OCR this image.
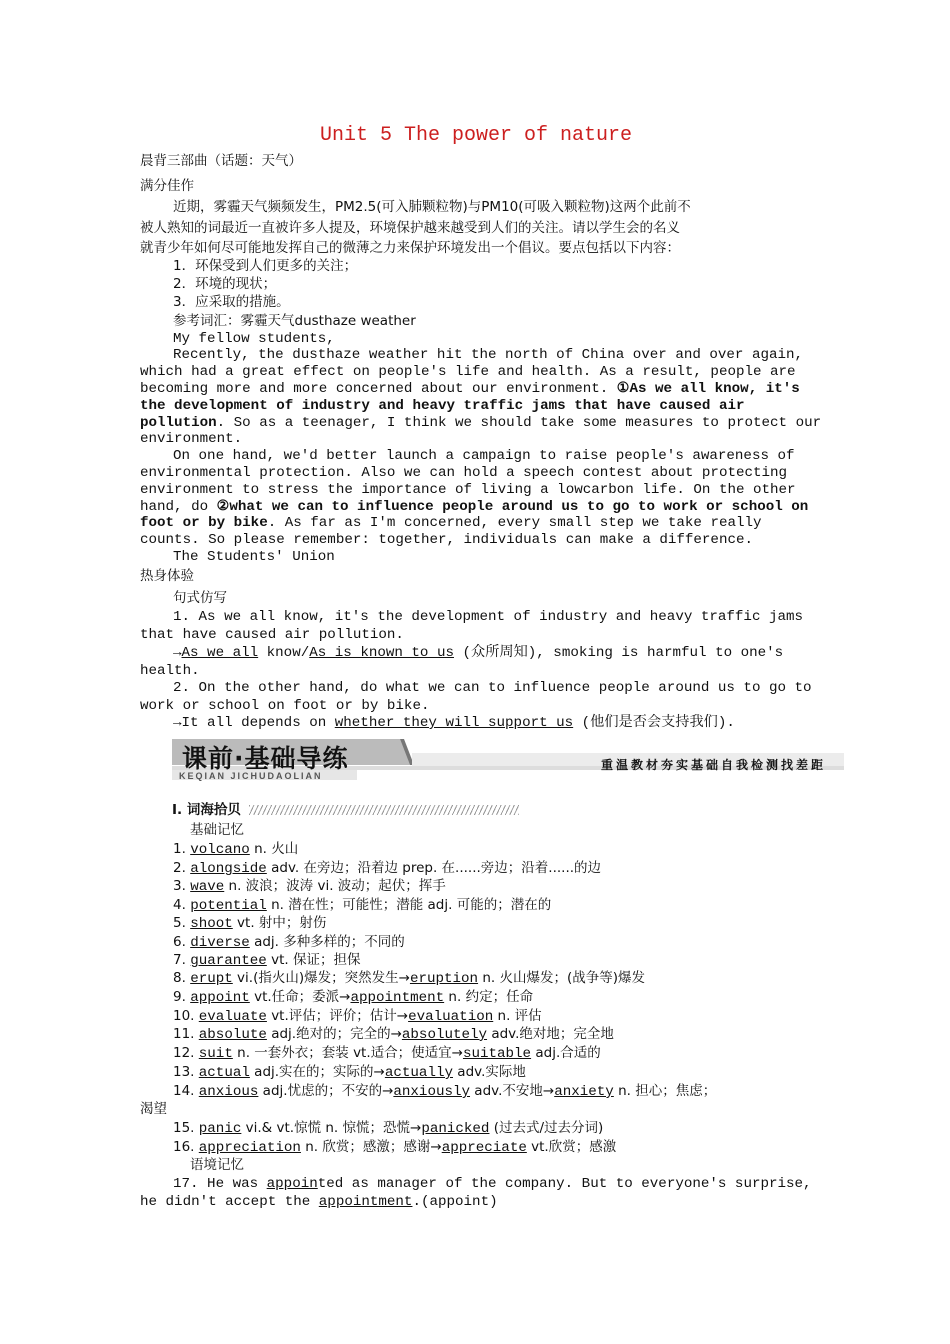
Unit 5 The power of nature
晨背三部曲（话题：天气）
满分佳作
近期，雾霾天气频频发生，PM2.5(可入肺颗粒物)与PM10(可吸入颗粒物)这两个此前不
被人熟知的词最近一直被许多人提及，环境保护越来越受到人们的关注。请以学生会的名义
就青少年如何尽可能地发挥自己的微薄之力来保护环境发出一个倡议。要点包括以下内容：
1．环保受到人们更多的关注；
2．环境的现状；
3．应采取的措施。
参考词汇：雾霾天气dusthaze weather
My fellow students,
Recently, the dusthaze weather hit the north of China over and over again,
which had a great effect on people's life and health. As a result, people are
becoming more and more concerned about our environment. ①As we all know, it's
the development of industry and heavy traffic jams that have caused air
pollution. So as a teenager, I think we should take some measures to protect our
environment.
On one hand, we'd better launch a campaign to raise people's awareness of
environmental protection. Also we can hold a speech contest about protecting
environment to stress the importance of living a lowcarbon life. On the other
hand, do ②what we can to influence people around us to go to work or school on
foot or by bike. As far as I'm concerned, every small step we take really
counts. So please remember: together, individuals can make a difference.
The Students' Union
热身体验
句式仿写
1. As we all know, it's the development of industry and heavy traffic jams
that have caused air pollution.
→As we all know/As is known to us (众所周知), smoking is harmful to one's
health.
2. On the other hand, do what we can to influence people around us to go to
work or school on foot or by bike.
→It all depends on whether they will support us (他们是否会支持我们).
课前·基础导练
KEQIAN JICHUDAOLIAN
重温教材夯实基础自我检测找差距
Ⅰ. 词海拾贝
基础记忆
1. volcano n. 火山
2. alongside adv. 在旁边；沿着边 prep. 在......旁边；沿着......的边
3. wave n. 波浪；波涛 vi. 波动；起伏；挥手
4. potential n. 潜在性；可能性；潜能 adj. 可能的；潜在的
5. shoot vt. 射中；射伤
6. diverse adj. 多种多样的；不同的
7. guarantee vt. 保证；担保
8. erupt vi.(指火山)爆发；突然发生→eruption n. 火山爆发；(战争等)爆发
9. appoint vt.任命；委派→appointment n. 约定；任命
10. evaluate vt.评估；评价；估计→evaluation n. 评估
11. absolute adj.绝对的；完全的→absolutely adv.绝对地；完全地
12. suit n. 一套外衣；套装 vt.适合；使适宜→suitable adj.合适的
13. actual adj.实在的；实际的→actually adv.实际地
14. anxious adj.忧虑的；不安的→anxiously adv.不安地→anxiety n. 担心；焦虑；
渴望
15. panic vi.& vt.惊慌 n. 惊慌；恐慌→panicked (过去式/过去分词)
16. appreciation n. 欣赏；感激；感谢→appreciate vt.欣赏；感激
语境记忆
17. He was appointed as manager of the company. But to everyone's surprise,
he didn't accept the appointment.(appoint)
